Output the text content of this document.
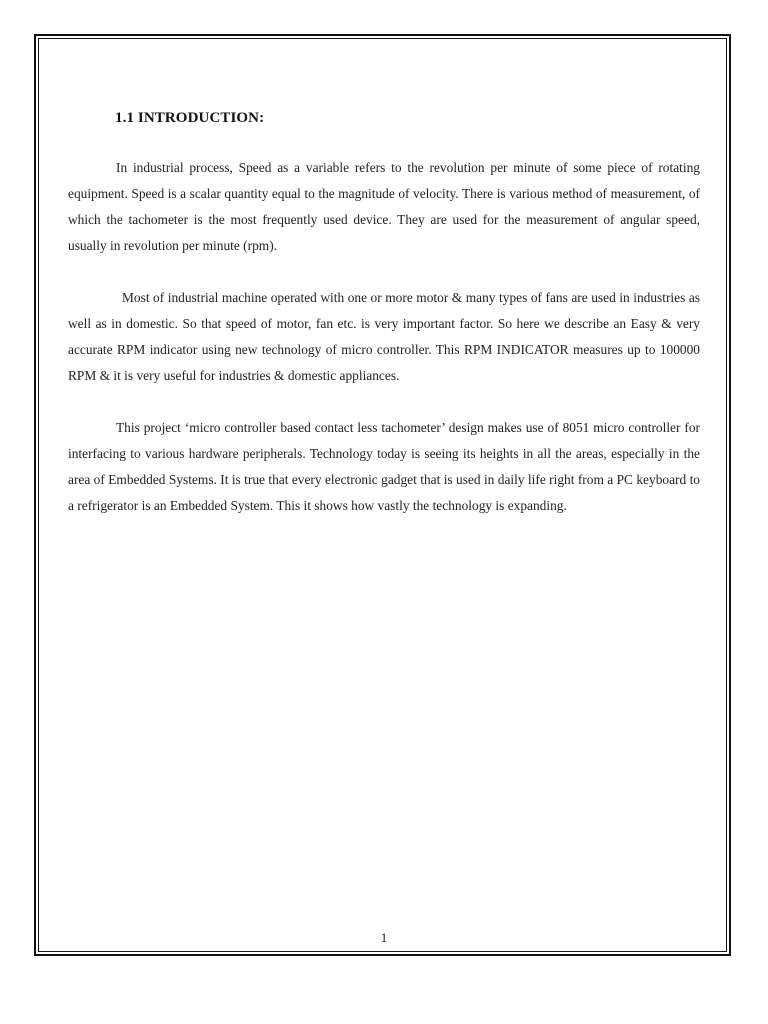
1.1 INTRODUCTION:

In industrial process, Speed as a variable refers to the revolution per minute of some piece of rotating equipment. Speed is a scalar quantity equal to the magnitude of velocity. There is various method of measurement, of which the tachometer is the most frequently used device. They are used for the measurement of angular speed, usually in revolution per minute (rpm).

Most of industrial machine operated with one or more motor & many types of fans are used in industries as well as in domestic. So that speed of motor, fan etc. is very important factor. So here we describe an Easy & very accurate RPM indicator using new technology of micro controller. This RPM INDICATOR measures up to 100000 RPM & it is very useful for industries & domestic appliances.

This project ‘micro controller based contact less tachometer’ design makes use of 8051 micro controller for interfacing to various hardware peripherals. Technology today is seeing its heights in all the areas, especially in the area of Embedded Systems. It is true that every electronic gadget that is used in daily life right from a PC keyboard to a refrigerator is an Embedded System. This it shows how vastly the technology is expanding.

1
